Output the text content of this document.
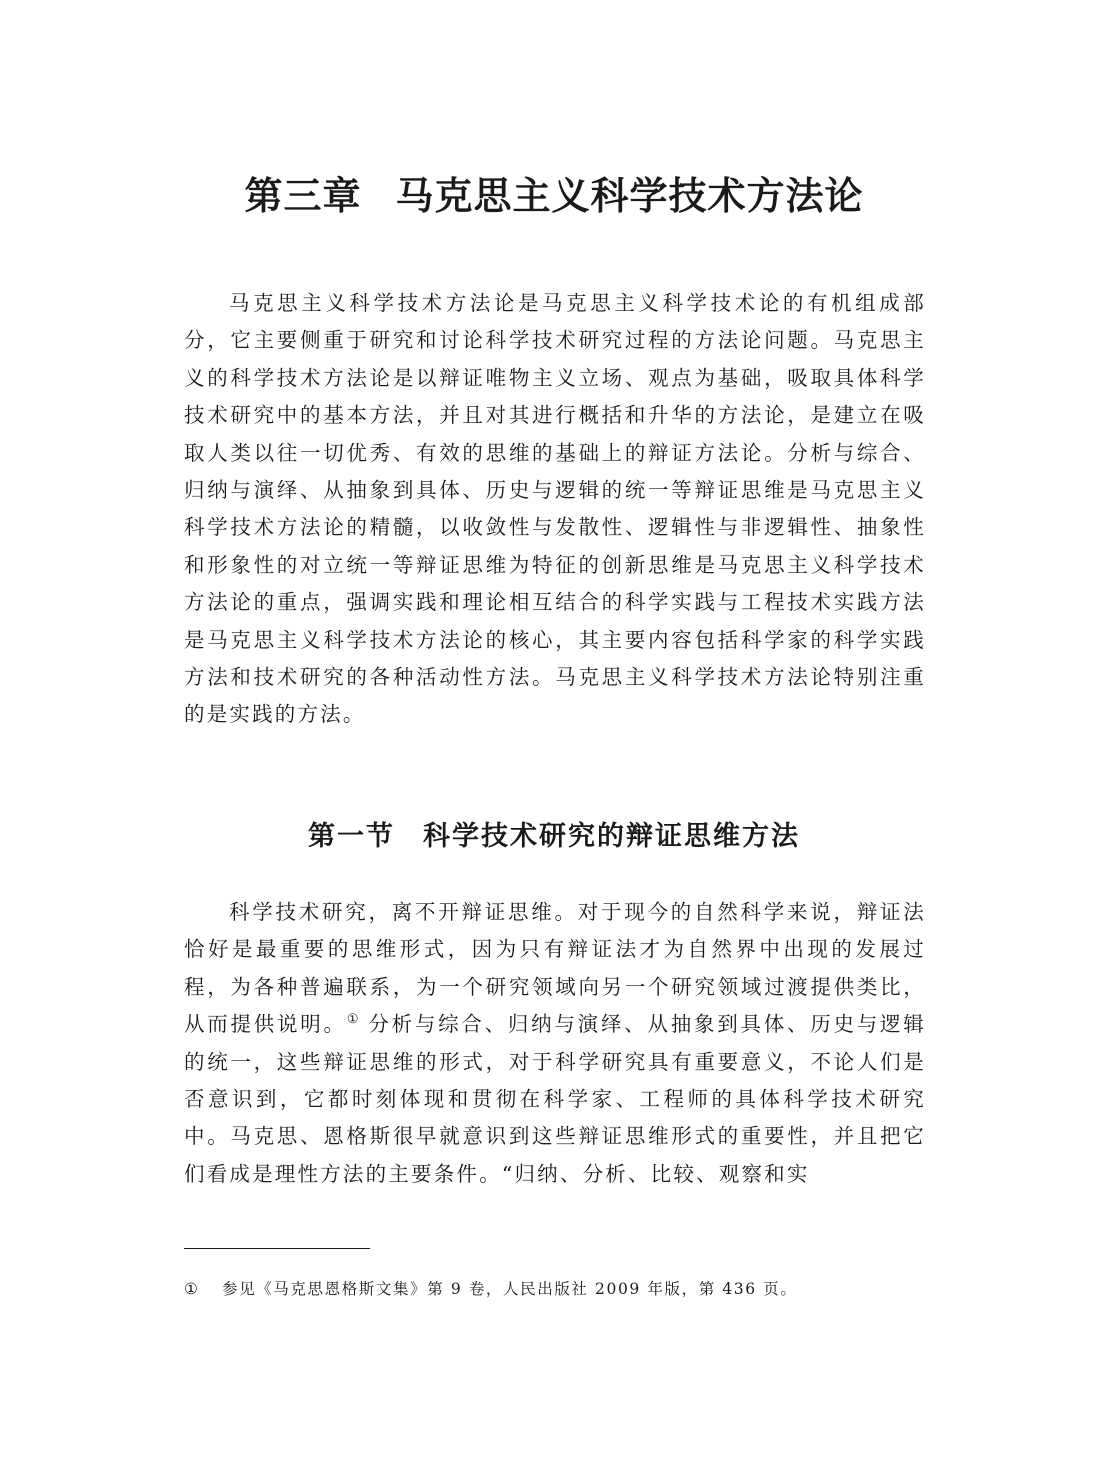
第三章 马克思主义科学技术方法论

马克思主义科学技术方法论是马克思主义科学技术论的有机组成部分，它主要侧重于研究和讨论科学技术研究过程的方法论问题。马克思主义的科学技术方法论是以辩证唯物主义立场、观点为基础，吸取具体科学技术研究中的基本方法，并且对其进行概括和升华的方法论，是建立在吸取人类以往一切优秀、有效的思维的基础上的辩证方法论。分析与综合、归纳与演绎、从抽象到具体、历史与逻辑的统一等辩证思维是马克思主义科学技术方法论的精髓，以收敛性与发散性、逻辑性与非逻辑性、抽象性和形象性的对立统一等辩证思维为特征的创新思维是马克思主义科学技术方法论的重点，强调实践和理论相互结合的科学实践与工程技术实践方法是马克思主义科学技术方法论的核心，其主要内容包括科学家的科学实践方法和技术研究的各种活动性方法。马克思主义科学技术方法论特别注重的是实践的方法。

第一节 科学技术研究的辩证思维方法

科学技术研究，离不开辩证思维。对于现今的自然科学来说，辩证法恰好是最重要的思维形式，因为只有辩证法才为自然界中出现的发展过程，为各种普遍联系，为一个研究领域向另一个研究领域过渡提供类比，从而提供说明。① 分析与综合、归纳与演绎、从抽象到具体、历史与逻辑的统一，这些辩证思维的形式，对于科学研究具有重要意义，不论人们是否意识到，它都时刻体现和贯彻在科学家、工程师的具体科学技术研究中。马克思、恩格斯很早就意识到这些辩证思维形式的重要性，并且把它们看成是理性方法的主要条件。“归纳、分析、比较、观察和实

① 参见《马克思恩格斯文集》第 9 卷，人民出版社 2009 年版，第 436 页。
